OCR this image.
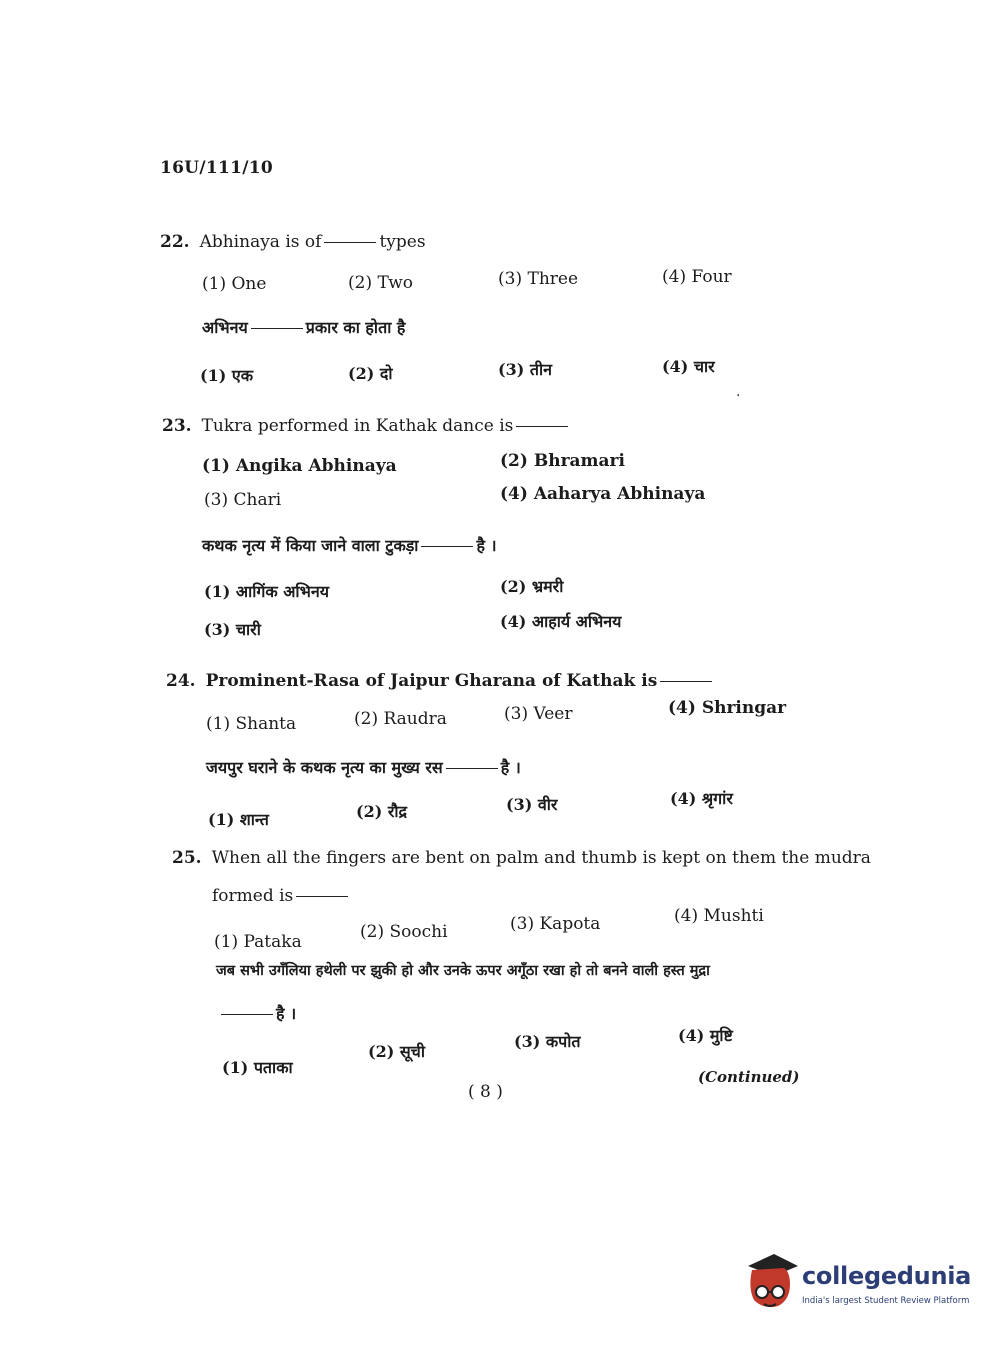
16U/111/10
22. Abhinaya is of	types
(1) One	(2) Two	(3) Three	(4) Four
अभिनय	प्रकार का होता है
(1) एक	(2) दो	(3) तीन	(4) चार
·
23. Tukra performed in Kathak dance is
(1) Angika Abhinaya	(2) Bhramari
(3) Chari	(4) Aaharya Abhinaya
कथक नृत्य में किया जाने वाला टुकड़ा	है ।
(1) आगिंक अभिनय	(2) भ्रमरी
(3) चारी	(4) आहार्य अभिनय
24. Prominent-Rasa of Jaipur Gharana of Kathak is
(1) Shanta	(2) Raudra	(3) Veer	(4) Shringar
जयपुर घराने के कथक नृत्य का मुख्य रस	है ।
(1) शान्त	(2) रौद्र	(3) वीर	(4) श्रृगांर
25. When all the fingers are bent on palm and thumb is kept on them the mudra
formed is
(1) Pataka	(2) Soochi	(3) Kapota	(4) Mushti
जब सभी उगँलिया हथेली पर झुकी हो और उनके ऊपर अगूँठा रखा हो तो बनने वाली हस्त मुद्रा
है ।
(1) पताका
(2) सूची
(3) कपोत	(4) मुष्टि
( 8 )
(Continued)
collegedunia
India's largest Student Review Platform
